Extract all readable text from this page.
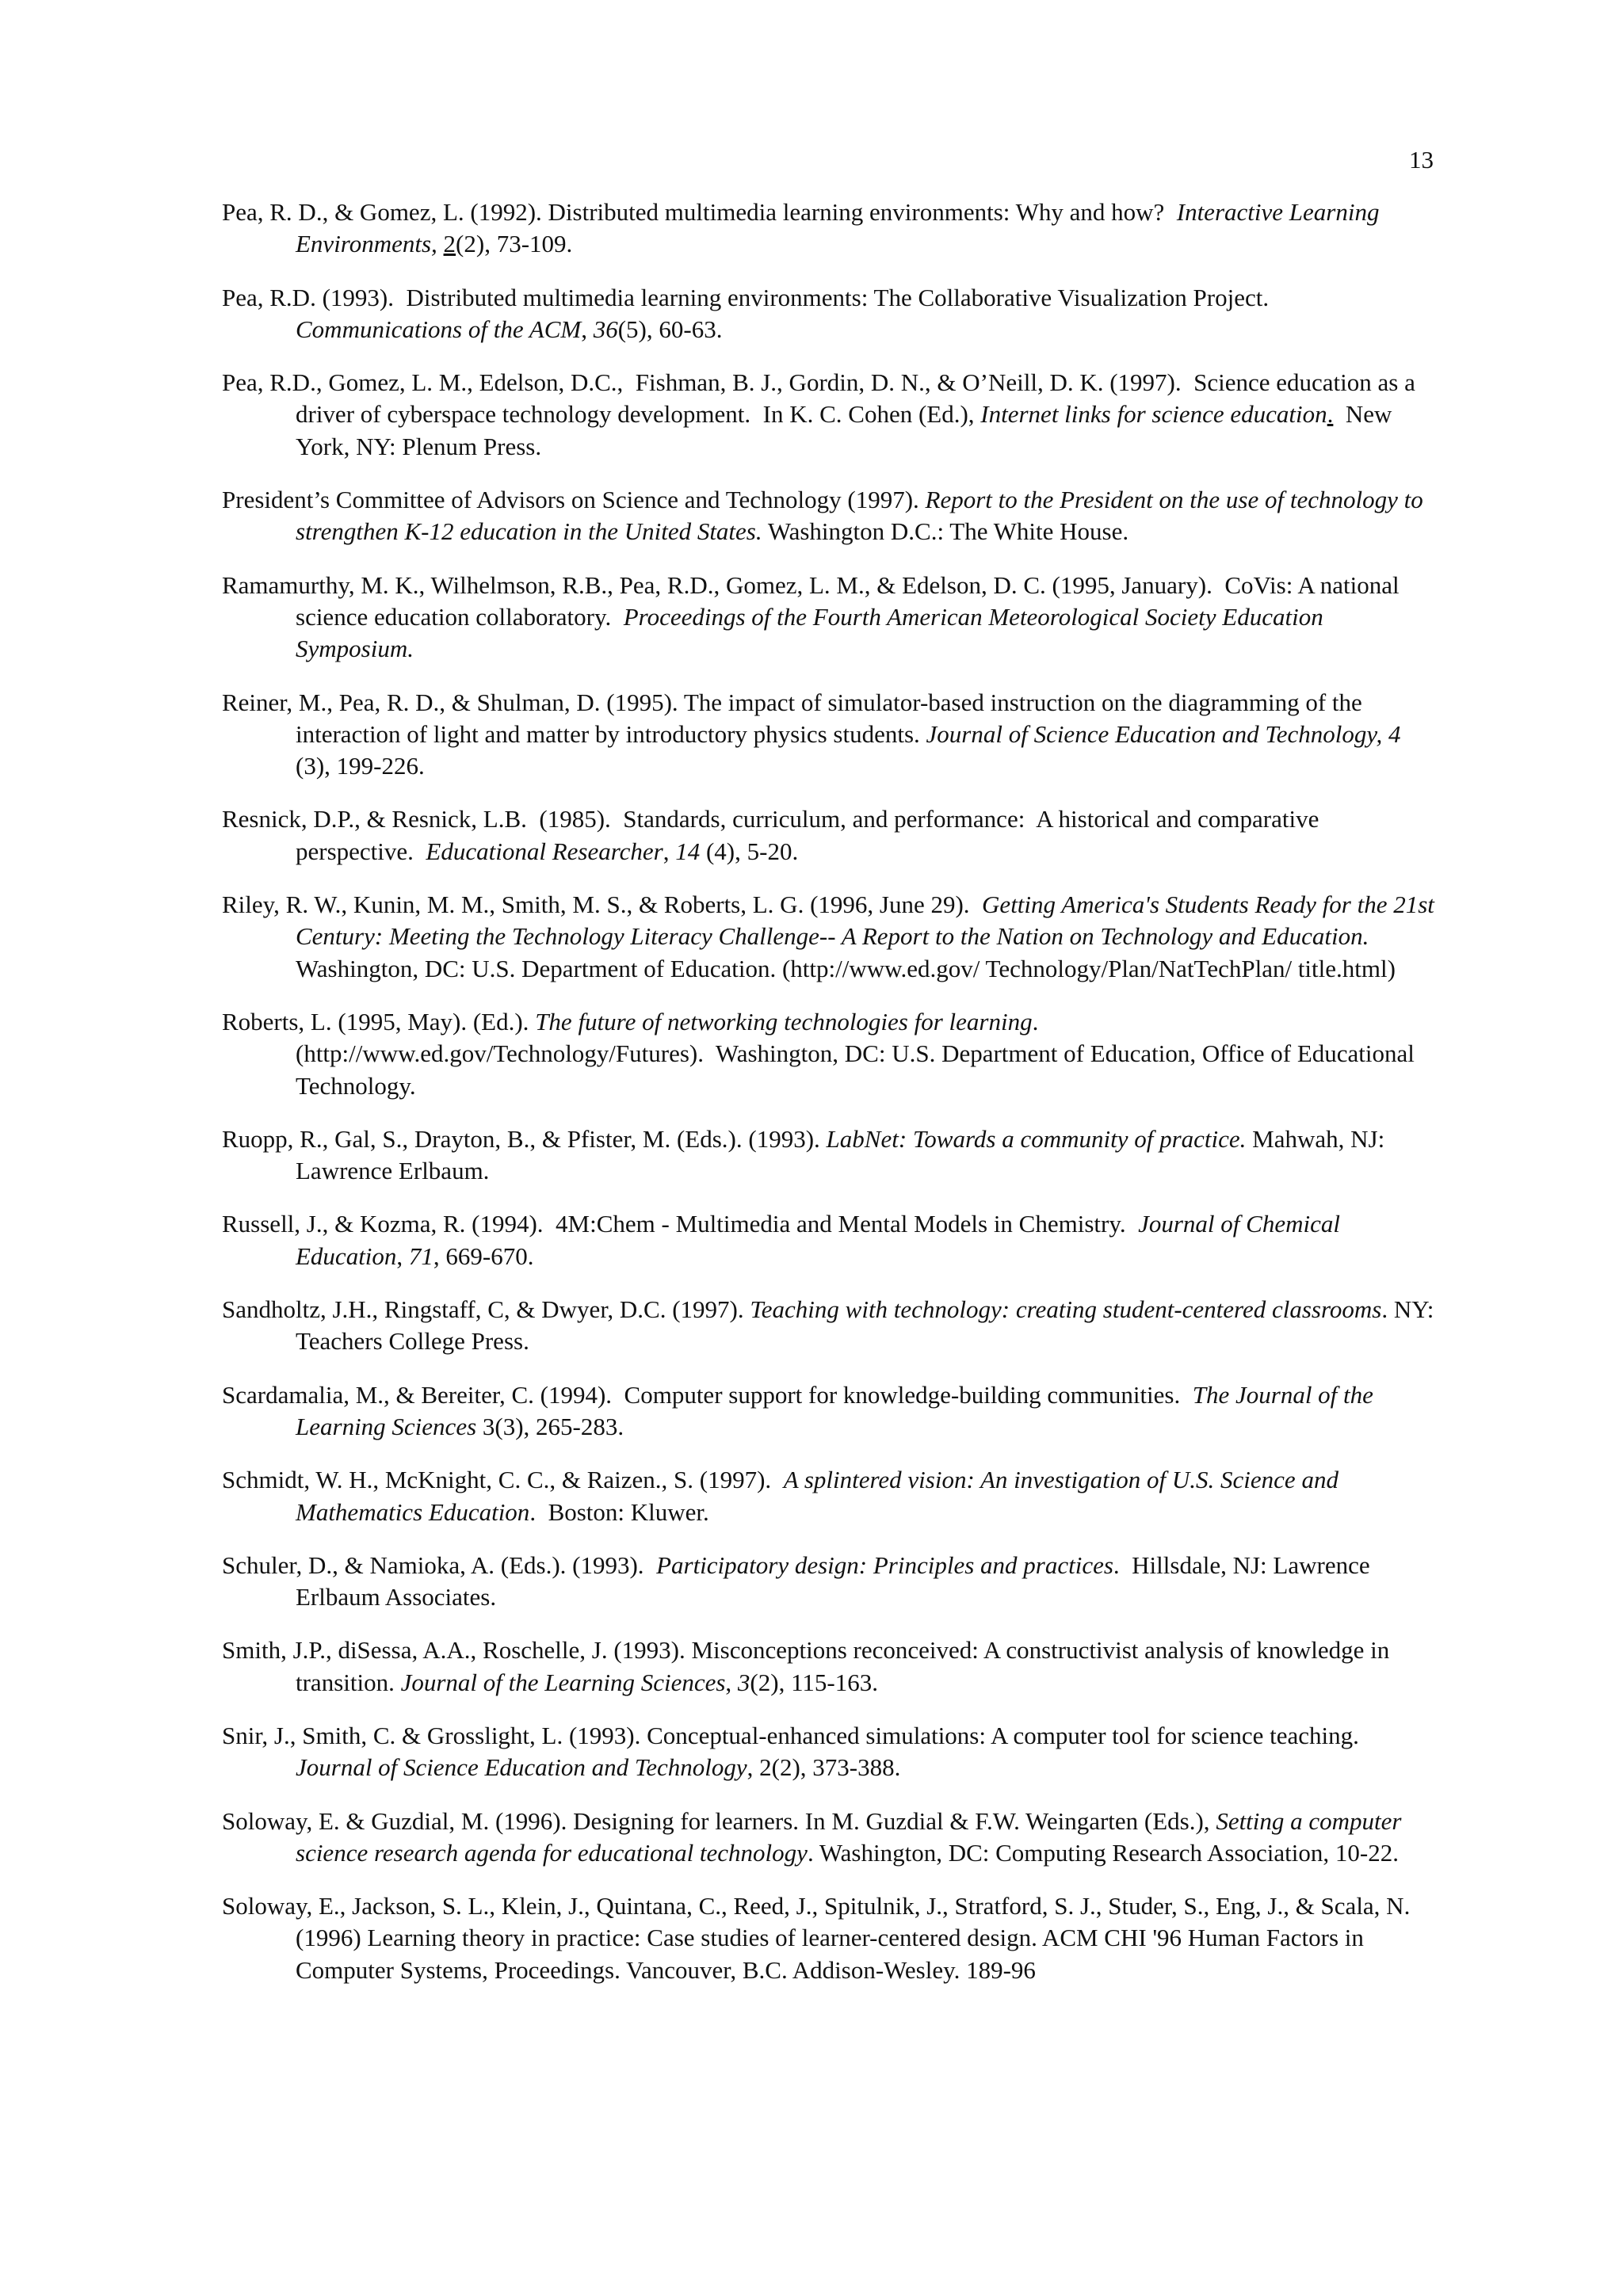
13
Pea, R. D., & Gomez, L. (1992). Distributed multimedia learning environments: Why and how?  Interactive Learning Environments, 2(2), 73-109.
Pea, R.D. (1993).  Distributed multimedia learning environments: The Collaborative Visualization Project. Communications of the ACM, 36(5), 60-63.
Pea, R.D., Gomez, L. M., Edelson, D.C.,  Fishman, B. J., Gordin, D. N., & O’Neill, D. K. (1997).  Science education as a driver of cyberspace technology development.  In K. C. Cohen (Ed.), Internet links for science education.  New York, NY: Plenum Press.
President’s Committee of Advisors on Science and Technology (1997). Report to the President on the use of technology to strengthen K-12 education in the United States. Washington D.C.: The White House.
Ramamurthy, M. K., Wilhelmson, R.B., Pea, R.D., Gomez, L. M., & Edelson, D. C. (1995, January).  CoVis: A national science education collaboratory.  Proceedings of the Fourth American Meteorological Society Education Symposium.
Reiner, M., Pea, R. D., & Shulman, D. (1995). The impact of simulator-based instruction on the diagramming of the interaction of light and matter by introductory physics students. Journal of Science Education and Technology, 4 (3), 199-226.
Resnick, D.P., & Resnick, L.B.  (1985).  Standards, curriculum, and performance:  A historical and comparative perspective.  Educational Researcher, 14 (4), 5-20.
Riley, R. W., Kunin, M. M., Smith, M. S., & Roberts, L. G. (1996, June 29).  Getting America's Students Ready for the 21st Century: Meeting the Technology Literacy Challenge-- A Report to the Nation on Technology and Education. Washington, DC: U.S. Department of Education. (http://www.ed.gov/ Technology/Plan/NatTechPlan/ title.html)
Roberts, L. (1995, May). (Ed.). The future of networking technologies for learning. (http://www.ed.gov/Technology/Futures).  Washington, DC: U.S. Department of Education, Office of Educational Technology.
Ruopp, R., Gal, S., Drayton, B., & Pfister, M. (Eds.). (1993). LabNet: Towards a community of practice. Mahwah, NJ: Lawrence Erlbaum.
Russell, J., & Kozma, R. (1994).  4M:Chem - Multimedia and Mental Models in Chemistry.  Journal of Chemical Education, 71, 669-670.
Sandholtz, J.H., Ringstaff, C, & Dwyer, D.C. (1997). Teaching with technology: creating student-centered classrooms. NY: Teachers College Press.
Scardamalia, M., & Bereiter, C. (1994).  Computer support for knowledge-building communities.  The Journal of the Learning Sciences 3(3), 265-283.
Schmidt, W. H., McKnight, C. C., & Raizen., S. (1997).  A splintered vision: An investigation of U.S. Science and Mathematics Education.  Boston: Kluwer.
Schuler, D., & Namioka, A. (Eds.). (1993).  Participatory design: Principles and practices.  Hillsdale, NJ: Lawrence Erlbaum Associates.
Smith, J.P., diSessa, A.A., Roschelle, J. (1993). Misconceptions reconceived: A constructivist analysis of knowledge in transition. Journal of the Learning Sciences, 3(2), 115-163.
Snir, J., Smith, C. & Grosslight, L. (1993). Conceptual-enhanced simulations: A computer tool for science teaching. Journal of Science Education and Technology, 2(2), 373-388.
Soloway, E. & Guzdial, M. (1996). Designing for learners. In M. Guzdial & F.W. Weingarten (Eds.), Setting a computer science research agenda for educational technology. Washington, DC: Computing Research Association, 10-22.
Soloway, E., Jackson, S. L., Klein, J., Quintana, C., Reed, J., Spitulnik, J., Stratford, S. J., Studer, S., Eng, J., & Scala, N. (1996) Learning theory in practice: Case studies of learner-centered design. ACM CHI '96 Human Factors in Computer Systems, Proceedings. Vancouver, B.C. Addison-Wesley. 189-96
